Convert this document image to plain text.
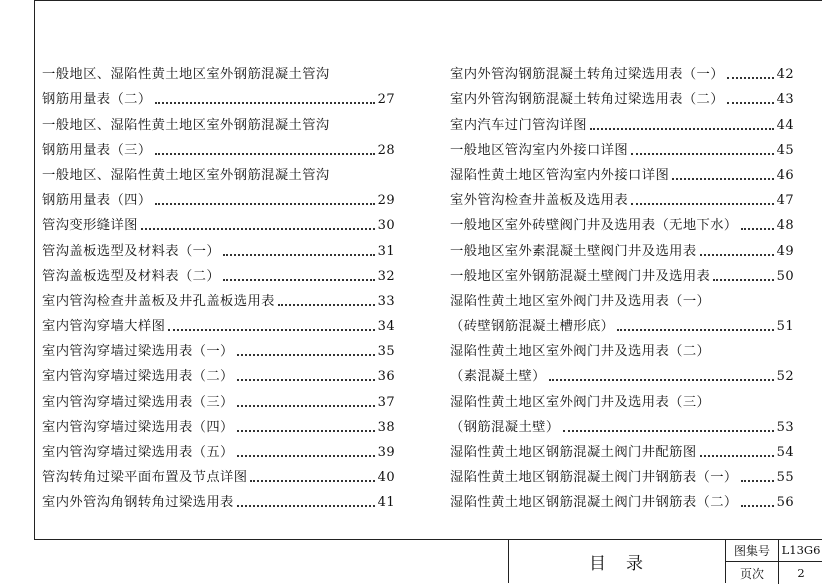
一般地区、湿陷性黄土地区室外钢筋混凝土管沟
钢筋用量表（二）	27
一般地区、湿陷性黄土地区室外钢筋混凝土管沟
钢筋用量表（三）	28
一般地区、湿陷性黄土地区室外钢筋混凝土管沟
钢筋用量表（四）	29
管沟变形缝详图	30
管沟盖板选型及材料表（一）	31
管沟盖板选型及材料表（二）	32
室内管沟检查井盖板及井孔盖板选用表	33
室内管沟穿墙大样图	34
室内管沟穿墙过梁选用表（一）	35
室内管沟穿墙过梁选用表（二）	36
室内管沟穿墙过梁选用表（三）	37
室内管沟穿墙过梁选用表（四）	38
室内管沟穿墙过梁选用表（五）	39
管沟转角过梁平面布置及节点详图	40
室内外管沟角钢转角过梁选用表	41
室内外管沟钢筋混凝土转角过梁选用表（一）	42
室内外管沟钢筋混凝土转角过梁选用表（二）	43
室内汽车过门管沟详图	44
一般地区管沟室内外接口详图	45
湿陷性黄土地区管沟室内外接口详图	46
室外管沟检查井盖板及选用表	47
一般地区室外砖壁阀门井及选用表（无地下水）	48
一般地区室外素混凝土壁阀门井及选用表	49
一般地区室外钢筋混凝土壁阀门井及选用表	50
湿陷性黄土地区室外阀门井及选用表（一）
（砖壁钢筋混凝土槽形底）	51
湿陷性黄土地区室外阀门井及选用表（二）
（素混凝土壁）	52
湿陷性黄土地区室外阀门井及选用表（三）
（钢筋混凝土壁）	53
湿陷性黄土地区钢筋混凝土阀门井配筋图	54
湿陷性黄土地区钢筋混凝土阀门井钢筋表（一）	55
湿陷性黄土地区钢筋混凝土阀门井钢筋表（二）	56
目录
图集号	L13G6
页次	2
